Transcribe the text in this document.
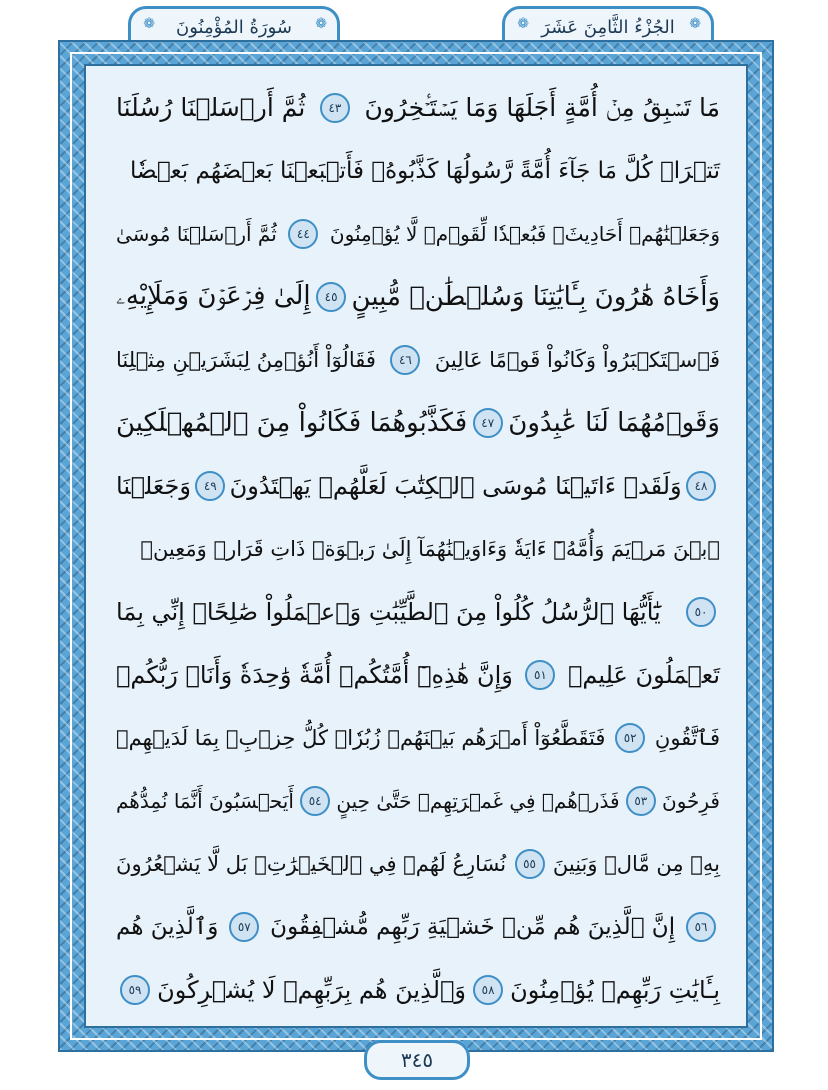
❁ سُورَةُ المُؤْمِنُونَ ❁	❁ الجُزْءُ الثَّامِنَ عَشَرَ ❁
مَا تَسۡبِقُ مِنۡ أُمَّةٍ أَجَلَهَا وَمَا يَسۡتَـٔۡخِرُونَ
٤٣
ثُمَّ أَرۡسَلۡنَا رُسُلَنَا
تَتۡرَاۖ كُلَّ مَا جَآءَ أُمَّةً رَّسُولُهَا كَذَّبُوهُۖ فَأَتۡبَعۡنَا بَعۡضَهُم بَعۡضٗا
وَجَعَلۡنَٰهُمۡ أَحَادِيثَۚ فَبُعۡدٗا لِّقَوۡمٖ لَّا يُؤۡمِنُونَ
٤٤
ثُمَّ أَرۡسَلۡنَا مُوسَىٰ
وَأَخَاهُ هَٰرُونَ بِـَٔايَٰتِنَا وَسُلۡطَٰنٖ مُّبِينٍ
٤٥
إِلَىٰ فِرۡعَوۡنَ وَمَلَإِيْهِۦ
فَٱسۡتَكۡبَرُواْ وَكَانُواْ قَوۡمًا عَالِينَ
٤٦
فَقَالُوٓاْ أَنُؤۡمِنُ لِبَشَرَيۡنِ مِثۡلِنَا
وَقَوۡمُهُمَا لَنَا عَٰبِدُونَ
٤٧
فَكَذَّبُوهُمَا فَكَانُواْ مِنَ ٱلۡمُهۡلَكِينَ
٤٨
وَلَقَدۡ ءَاتَيۡنَا مُوسَى ٱلۡكِتَٰبَ لَعَلَّهُمۡ يَهۡتَدُونَ
٤٩
وَجَعَلۡنَا
ٱبۡنَ مَرۡيَمَ وَأُمَّهُۥٓ ءَايَةٗ وَءَاوَيۡنَٰهُمَآ إِلَىٰ رَبۡوَةٖ ذَاتِ قَرَارٖ وَمَعِينٖ
٥٠
يَٰٓأَيُّهَا ٱلرُّسُلُ كُلُواْ مِنَ ٱلطَّيِّبَٰتِ وَٱعۡمَلُواْ صَٰلِحًاۖ إِنِّي بِمَا
تَعۡمَلُونَ عَلِيمٞ
٥١
وَإِنَّ هَٰذِهِۦٓ أُمَّتُكُمۡ أُمَّةٗ وَٰحِدَةٗ وَأَنَا۠ رَبُّكُمۡ
فَٱتَّقُونِ
٥٢
فَتَقَطَّعُوٓاْ أَمۡرَهُم بَيۡنَهُمۡ زُبُرٗاۖ كُلُّ حِزۡبِۭ بِمَا لَدَيۡهِمۡ
فَرِحُونَ
٥٣
فَذَرۡهُمۡ فِي غَمۡرَتِهِمۡ حَتَّىٰ حِينٍ
٥٤
أَيَحۡسَبُونَ أَنَّمَا نُمِدُّهُم
بِهِۦ مِن مَّالٖ وَبَنِينَ
٥٥
نُسَارِعُ لَهُمۡ فِي ٱلۡخَيۡرَٰتِۚ بَل لَّا يَشۡعُرُونَ
٥٦
إِنَّ ٱلَّذِينَ هُم مِّنۡ خَشۡيَةِ رَبِّهِم مُّشۡفِقُونَ
٥٧
وَٱلَّذِينَ هُم
بِـَٔايَٰتِ رَبِّهِمۡ يُؤۡمِنُونَ
٥٨
وَٱلَّذِينَ هُم بِرَبِّهِمۡ لَا يُشۡرِكُونَ
٥٩
٣٤٥
